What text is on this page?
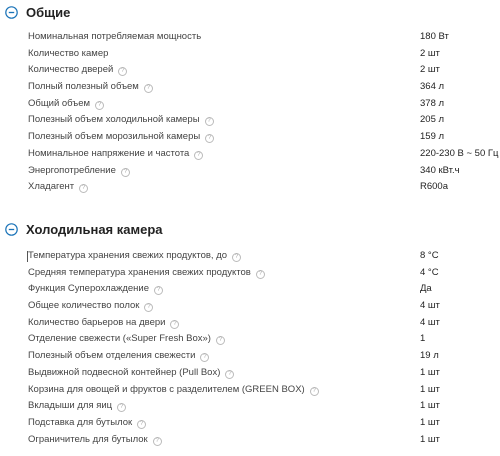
Общие
Номинальная потребляемая мощность	180 Вт
Количество камер	2 шт
Количество дверей ?	2 шт
Полный полезный объем ?	364 л
Общий объем ?	378 л
Полезный объем холодильной камеры ?	205 л
Полезный объем морозильной камеры ?	159 л
Номинальное напряжение и частота ?	220-230 В ~ 50 Гц
Энергопотребление ?	340 кВт.ч
Хладагент ?	R600a
Холодильная камера
Температура хранения свежих продуктов, до ?	8 °C
Средняя температура хранения свежих продуктов ?	4 °C
Функция Суперохлаждение ?	Да
Общее количество полок ?	4 шт
Количество барьеров на двери ?	4 шт
Отделение свежести («Super Fresh Box») ?	1
Полезный объем отделения свежести ?	19 л
Выдвижной подвесной контейнер (Pull Box) ?	1 шт
Корзина для овощей и фруктов с разделителем (GREEN BOX) ?	1 шт
Вкладыши для яиц ?	1 шт
Подставка для бутылок ?	1 шт
Ограничитель для бутылок ?	1 шт
